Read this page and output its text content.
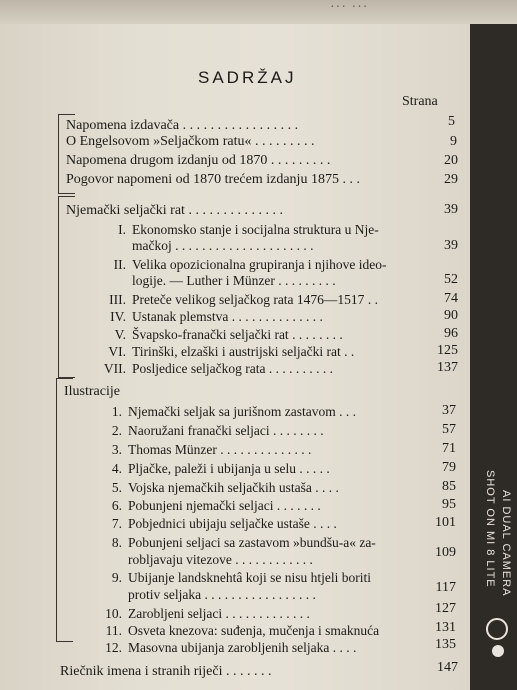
··· ···
SADRŽAJ
Strana
Napomena izdavača . . . . . . . . . . . . . . . . .	5
O Engelsovom »Seljačkom ratu« . . . . . . . . .	9
Napomena drugom izdanju od 1870 . . . . . . . . .	20
Pogovor napomeni od 1870 trećem izdanju 1875 . . .	29
Njemački seljački rat . . . . . . . . . . . . . .	39
I. Ekonomsko stanje i socijalna struktura u Nje-
mačkoj . . . . . . . . . . . . . . . . . . . . .	39
II. Velika opozicionalna grupiranja i njihove ideo-
logije. — Luther i Münzer . . . . . . . . .	52
III. Preteče velikog seljačkog rata 1476—1517 . .	74
IV. Ustanak plemstva . . . . . . . . . . . . . .	90
V. Švapsko-franački seljački rat . . . . . . . .	96
VI. Tirinški, elzaški i austrijski seljački rat . .	125
VII. Posljedice seljačkog rata . . . . . . . . . .	137
Ilustracije
1. Njemački seljak sa jurišnom zastavom . . .	37
2. Naoružani franački seljaci . . . . . . . .	57
3. Thomas Münzer . . . . . . . . . . . . . .	71
4. Pljačke, paleži i ubijanja u selu . . . . .	79
5. Vojska njemačkih seljačkih ustaša . . . .	85
6. Pobunjeni njemački seljaci . . . . . . .	95
7. Pobjednici ubijaju seljačke ustaše . . . .	101
8. Pobunjeni seljaci sa zastavom »bundšu-a« za-
robljavaju vitezove . . . . . . . . . . . .	109
9. Ubijanje landsknehtâ koji se nisu htjeli boriti
protiv seljaka . . . . . . . . . . . . . . . . .	117
10. Zarobljeni seljaci . . . . . . . . . . . . .	127
11. Osveta knezova: suđenja, mučenja i smaknuća	131
12. Masovna ubijanja zarobljenih seljaka . . . .	135
Riečnik imena i stranih riječi . . . . . . .	147
SHOT ON MI 8 LITE AI DUAL CAMERA
